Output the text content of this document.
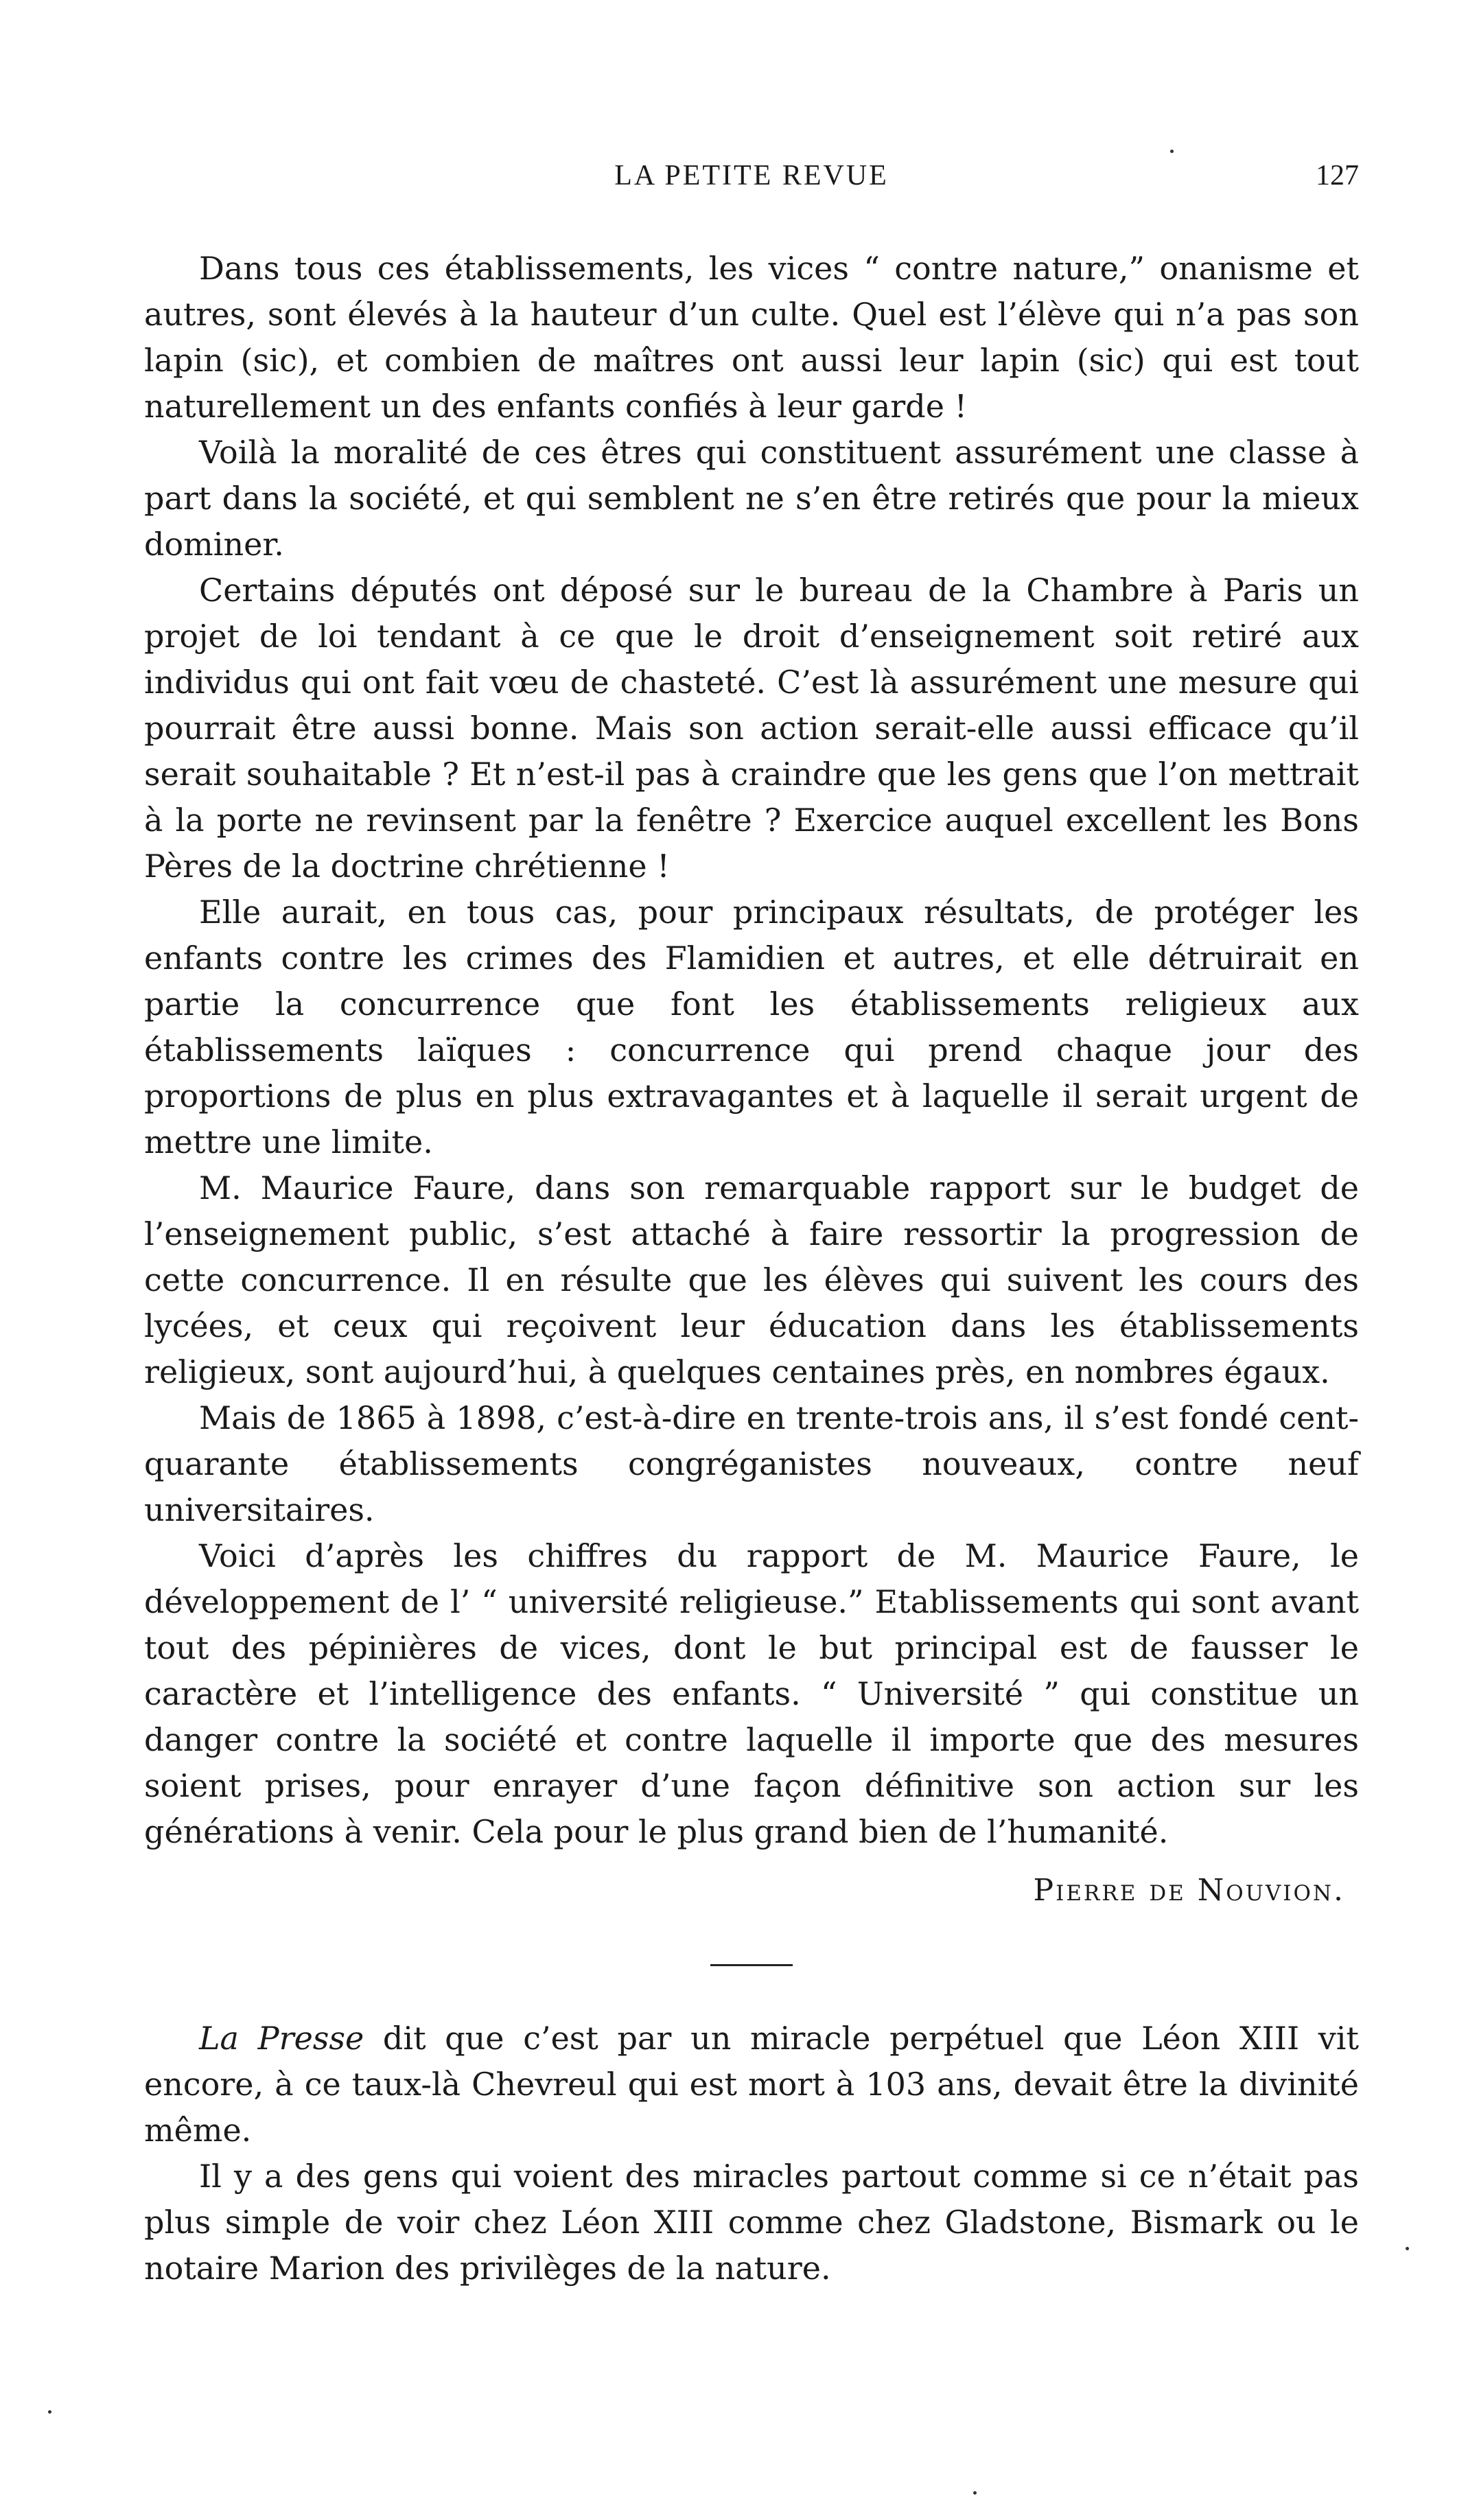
LA PETITE REVUE	127

Dans tous ces établissements, les vices “ contre nature,” onanisme et autres, sont élevés à la hauteur d’un culte. Quel est l’élève qui n’a pas son lapin (sic), et combien de maîtres ont aussi leur lapin (sic) qui est tout naturellement un des enfants confiés à leur garde !

Voilà la moralité de ces êtres qui constituent assurément une classe à part dans la société, et qui semblent ne s’en être retirés que pour la mieux dominer.

Certains députés ont déposé sur le bureau de la Chambre à Paris un projet de loi tendant à ce que le droit d’enseignement soit retiré aux individus qui ont fait vœu de chasteté. C’est là assurément une mesure qui pourrait être aussi bonne. Mais son action serait-elle aussi efficace qu’il serait souhaitable ? Et n’est-il pas à craindre que les gens que l’on mettrait à la porte ne revinsent par la fenêtre ? Exercice auquel excellent les Bons Pères de la doctrine chrétienne !

Elle aurait, en tous cas, pour principaux résultats, de protéger les enfants contre les crimes des Flamidien et autres, et elle détruirait en partie la concurrence que font les établissements religieux aux établissements laïques : concurrence qui prend chaque jour des proportions de plus en plus extravagantes et à laquelle il serait urgent de mettre une limite.

M. Maurice Faure, dans son remarquable rapport sur le budget de l’enseignement public, s’est attaché à faire ressortir la progression de cette concurrence. Il en résulte que les élèves qui suivent les cours des lycées, et ceux qui reçoivent leur éducation dans les établissements religieux, sont aujourd’hui, à quelques centaines près, en nombres égaux.

Mais de 1865 à 1898, c’est-à-dire en trente-trois ans, il s’est fondé cent-quarante établissements congréganistes nouveaux, contre neuf universitaires.

Voici d’après les chiffres du rapport de M. Maurice Faure, le développement de l’ “ université religieuse.” Etablissements qui sont avant tout des pépinières de vices, dont le but principal est de fausser le caractère et l’intelligence des enfants. “ Université ” qui constitue un danger contre la société et contre laquelle il importe que des mesures soient prises, pour enrayer d’une façon définitive son action sur les générations à venir. Cela pour le plus grand bien de l’humanité.

Pierre de Nouvion.

La Presse dit que c’est par un miracle perpétuel que Léon XIII vit encore, à ce taux-là Chevreul qui est mort à 103 ans, devait être la divinité même.

Il y a des gens qui voient des miracles partout comme si ce n’était pas plus simple de voir chez Léon XIII comme chez Gladstone, Bismark ou le notaire Marion des privilèges de la nature.
